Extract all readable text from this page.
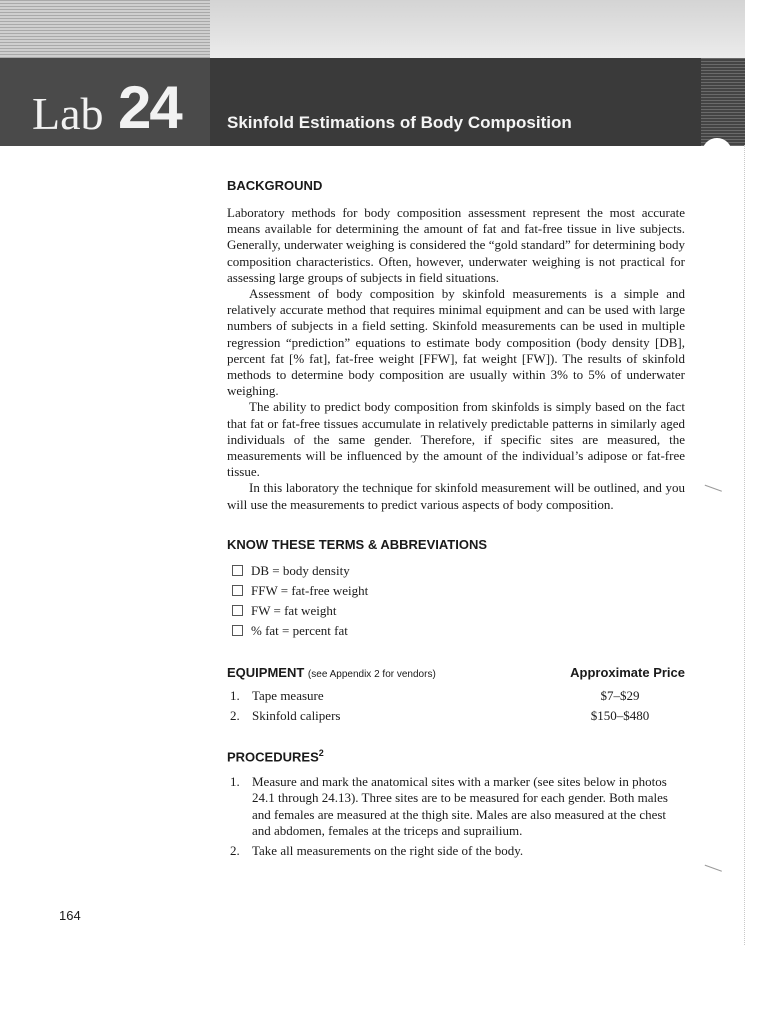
Lab 24	Skinfold Estimations of Body Composition
BACKGROUND

Laboratory methods for body composition assessment represent the most accurate means available for determining the amount of fat and fat-free tissue in live subjects. Generally, underwater weighing is considered the “gold standard” for determining body composition characteristics. Often, however, underwater weighing is not practical for assessing large groups of subjects in field situations.

Assessment of body composition by skinfold measurements is a simple and relatively accurate method that requires minimal equipment and can be used with large numbers of subjects in a field setting. Skinfold measurements can be used in multiple regression “prediction” equations to estimate body composition (body density [DB], percent fat [% fat], fat-free weight [FFW], fat weight [FW]). The results of skinfold methods to determine body composition are usually within 3% to 5% of underwater weighing.

The ability to predict body composition from skinfolds is simply based on the fact that fat or fat-free tissues accumulate in relatively predictable patterns in similarly aged individuals of the same gender. Therefore, if specific sites are measured, the measurements will be influenced by the amount of the individual’s adipose or fat-free tissue.

In this laboratory the technique for skinfold measurement will be outlined, and you will use the measurements to predict various aspects of body composition.

KNOW THESE TERMS & ABBREVIATIONS
DB = body density
FFW = fat-free weight
FW = fat weight
% fat = percent fat
EQUIPMENT (see Appendix 2 for vendors)	Approximate Price
1. Tape measure	$7–$29
2. Skinfold calipers	$150–$480
PROCEDURES$^2$
1. Measure and mark the anatomical sites with a marker (see sites below in photos 24.1 through 24.13). Three sites are to be measured for each gender. Both males and females are measured at the thigh site. Males are also measured at the chest and abdomen, females at the triceps and suprailium.
2. Take all measurements on the right side of the body.
164
